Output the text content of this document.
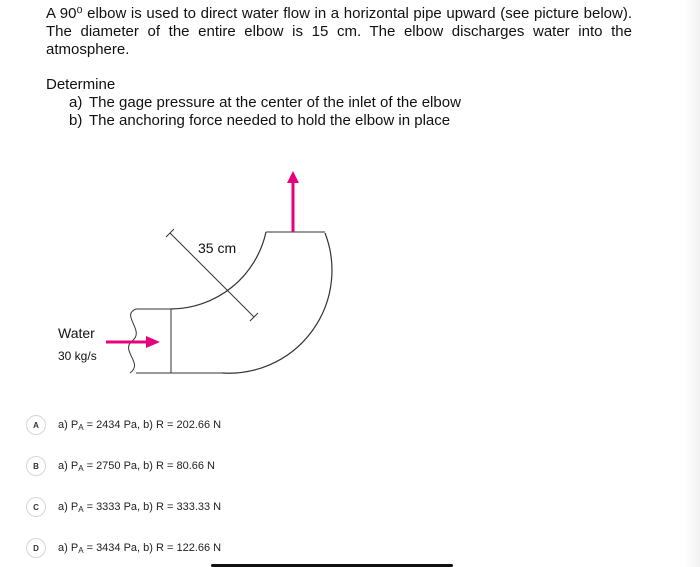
A 90⁰ elbow is used to direct water flow in a horizontal pipe upward (see picture below). The diameter of the entire elbow is 15 cm. The elbow discharges water into the atmosphere.

Determine

a) The gage pressure at the center of the inlet of the elbow
b) The anchoring force needed to hold the elbow in place
35 cm
Water
30 kg/s
A	a) $P_A = 2434$ Pa, b) R = 202.66 N
B	a) $P_A = 2750$ Pa, b) R = 80.66 N
C	a) $P_A = 3333$ Pa, b) R = 333.33 N
D	a) $P_A = 3434$ Pa, b) R = 122.66 N
